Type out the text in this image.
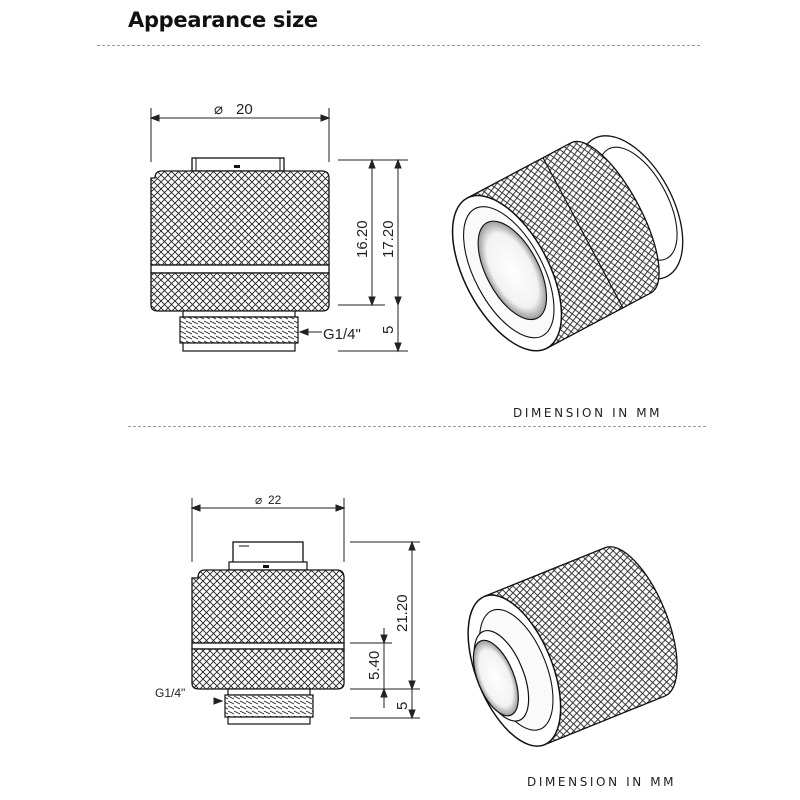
Appearance size
DIMENSION IN MM
DIMENSION IN MM
⌀ 20
16.20 17.20
5
G1/4"
⌀ 22
21.20
5.40
5
G1/4"
